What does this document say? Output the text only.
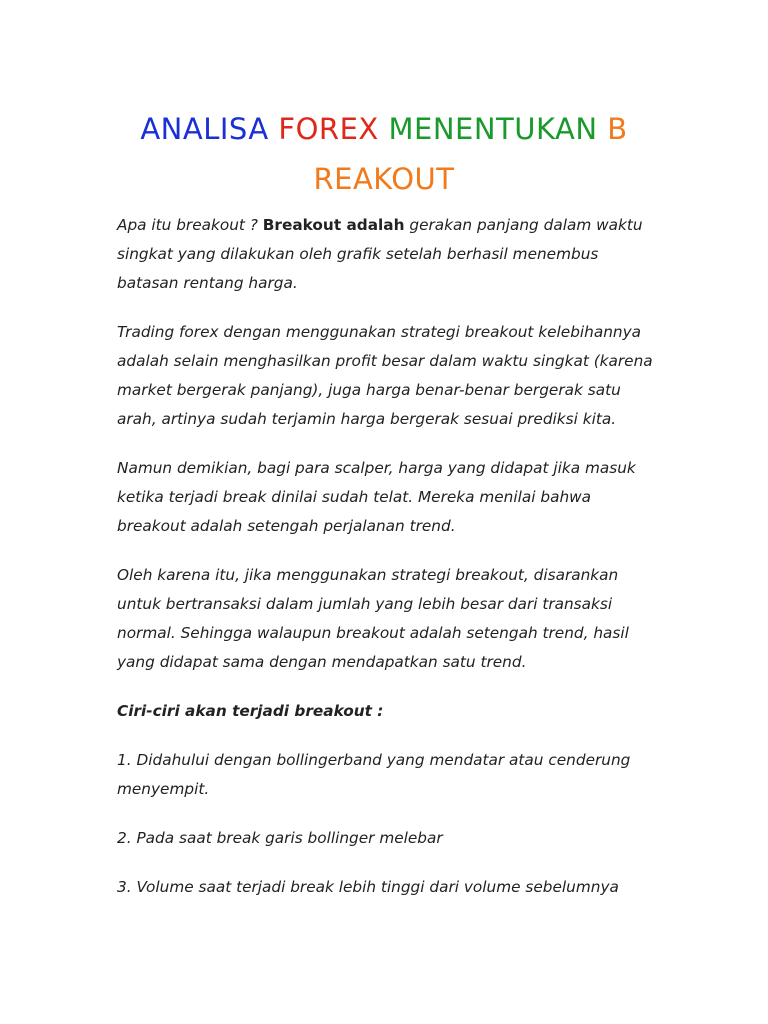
ANALISA FOREX MENENTUKAN B
REAKOUT

Apa itu breakout ? Breakout adalah gerakan panjang dalam waktu singkat yang dilakukan oleh grafik setelah berhasil menembus batasan rentang harga.

Trading forex dengan menggunakan strategi breakout kelebihannya adalah selain menghasilkan profit besar dalam waktu singkat (karena market bergerak panjang), juga harga benar-benar bergerak satu arah, artinya sudah terjamin harga bergerak sesuai prediksi kita.

Namun demikian, bagi para scalper, harga yang didapat jika masuk ketika terjadi break dinilai sudah telat. Mereka menilai bahwa breakout adalah setengah perjalanan trend.

Oleh karena itu, jika menggunakan strategi breakout, disarankan untuk bertransaksi dalam jumlah yang lebih besar dari transaksi normal. Sehingga walaupun breakout adalah setengah trend, hasil yang didapat sama dengan mendapatkan satu trend.

Ciri-ciri akan terjadi breakout :

1. Didahului dengan bollingerband yang mendatar atau cenderung menyempit.

2. Pada saat break garis bollinger melebar

3. Volume saat terjadi break lebih tinggi dari volume sebelumnya
